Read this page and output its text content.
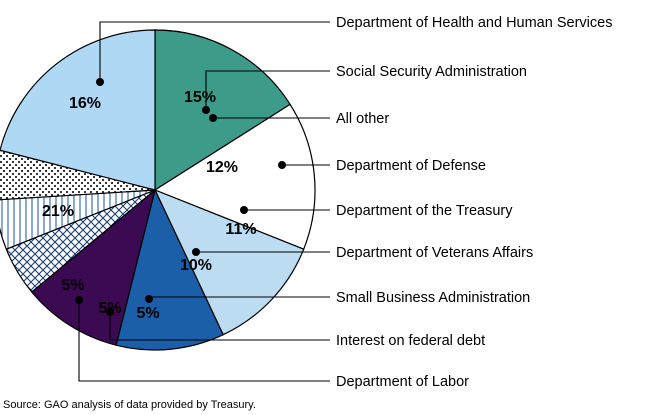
16%	15%
12%
11%
10%
5%
5%
5%
21%
Department of Health and Human Services
Social Security Administration
All other
Department of Defense
Department of the Treasury
Department of Veterans Affairs
Small Business Administration
Interest on federal debt
Department of Labor
Source: GAO analysis of data provided by Treasury.
